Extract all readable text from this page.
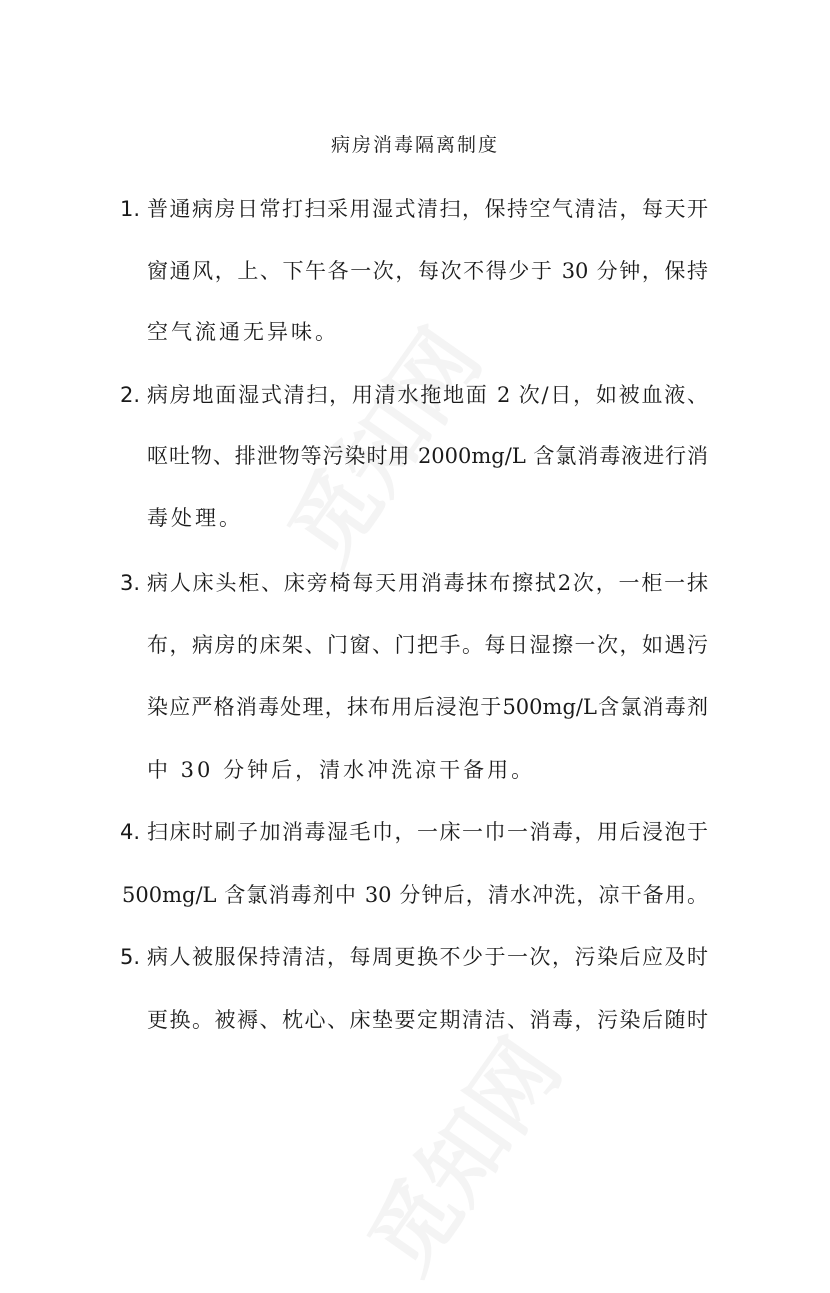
病房消毒隔离制度
1. 普通病房日常打扫采用湿式清扫，保持空气清洁，每天开
窗通风，上、下午各一次，每次不得少于 30 分钟，保持
空气流通无异味。
2. 病房地面湿式清扫，用清水拖地面 2 次/日，如被血液、
呕吐物、排泄物等污染时用 2000mg/L 含氯消毒液进行消
毒处理。
3. 病人床头柜、床旁椅每天用消毒抹布擦拭2次，一柜一抹
布，病房的床架、门窗、门把手。每日湿擦一次，如遇污
染应严格消毒处理，抹布用后浸泡于500mg/L含氯消毒剂
中 30 分钟后，清水冲洗凉干备用。
4. 扫床时刷子加消毒湿毛巾，一床一巾一消毒，用后浸泡于
500mg/L 含氯消毒剂中 30 分钟后，清水冲洗，凉干备用。
5. 病人被服保持清洁，每周更换不少于一次，污染后应及时
更换。被褥、枕心、床垫要定期清洁、消毒，污染后随时
